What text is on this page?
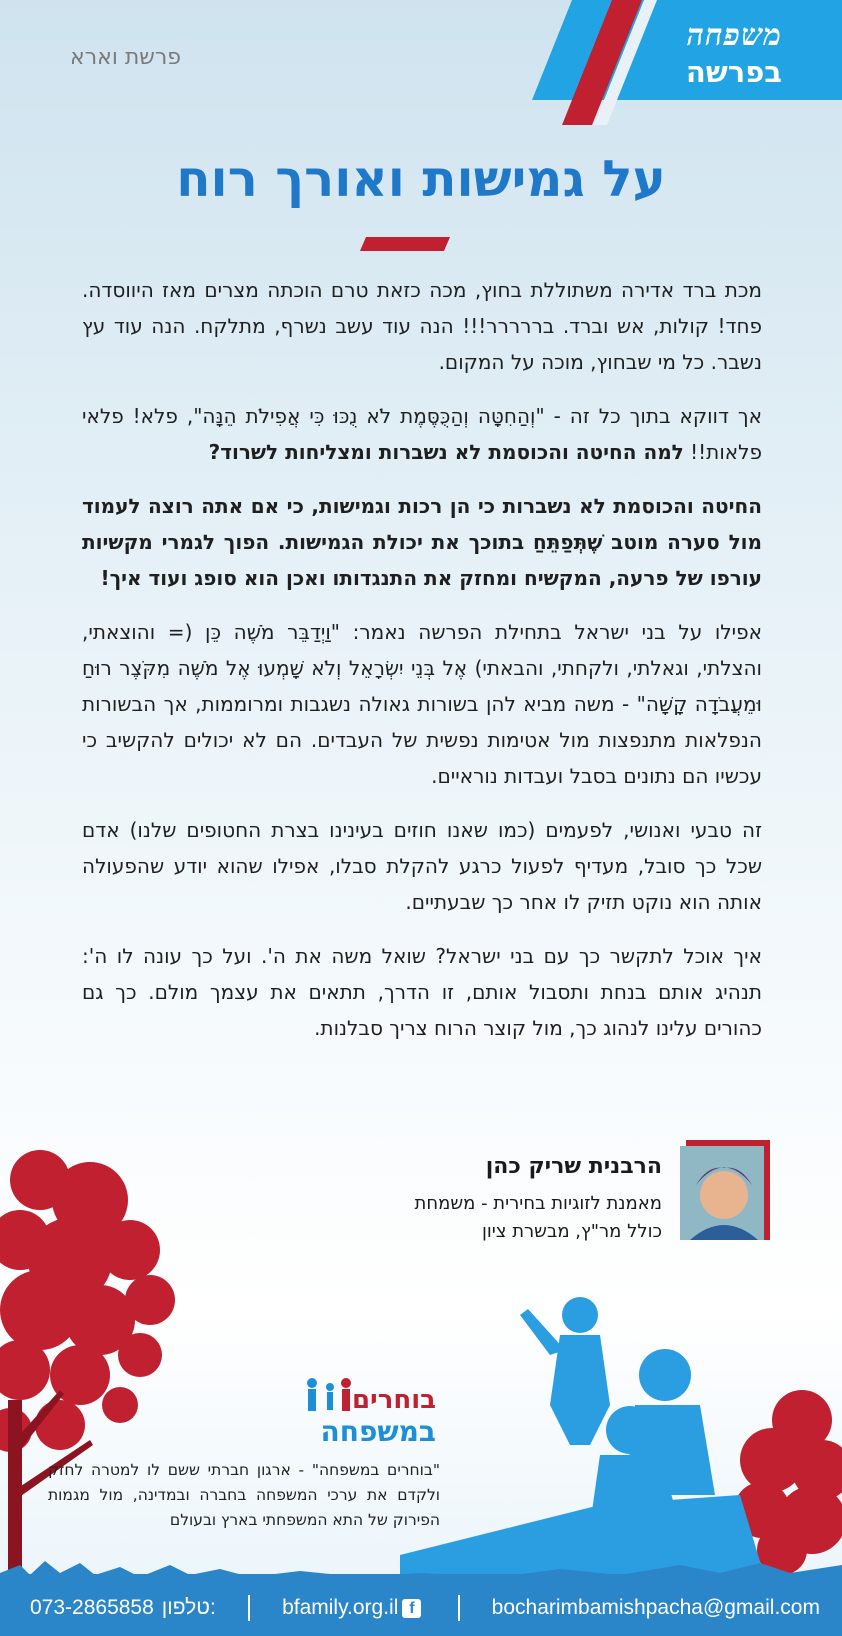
משפחה
בפרשה
פרשת וארא
על גמישות ואורך רוח

מכת ברד אדירה משתוללת בחוץ, מכה כזאת טרם הוכתה מצרים מאז היווסדה. פחד! קולות, אש וברד. בררררר!!! הנה עוד עשב נשרף, מתלקח. הנה עוד עץ נשבר. כל מי שבחוץ, מוכה על המקום.

אך דווקא בתוך כל זה - "וְהַחִטָּה וְהַכֻּסֶּמֶת לֹא נֻכּוּ כִּי אֲפִילֹת הֵנָּה", פלא! פלאי פלאות!! למה החיטה והכוסמת לא נשברות ומצליחות לשרוד?

החיטה והכוסמת לא נשברות כי הן רכות וגמישות, כי אם אתה רוצה לעמוד מול סערה מוטב שֶׁתְּפַתֵּחַ בתוכך את יכולת הגמישות. הפוך לגמרי מקשיות עורפו של פרעה, המקשיח ומחזק את התנגדותו ואכן הוא סופג ועוד איך!

אפילו על בני ישראל בתחילת הפרשה נאמר: "וַיְדַבֵּר מֹשֶׁה כֵּן (= והוצאתי, והצלתי, וגאלתי, ולקחתי, והבאתי) אֶל בְּנֵי יִשְׂרָאֵל וְלֹא שָׁמְעוּ אֶל מֹשֶׁה מִקֹּצֶר רוּחַ וּמֵעֲבֹדָה קָשָׁה" - משה מביא להן בשורות גאולה נשגבות ומרוממות, אך הבשורות הנפלאות מתנפצות מול אטימות נפשית של העבדים. הם לא יכולים להקשיב כי עכשיו הם נתונים בסבל ועבדות נוראיים.

זה טבעי ואנושי, לפעמים (כמו שאנו חוזים בעינינו בצרת החטופים שלנו) אדם שכל כך סובל, מעדיף לפעול כרגע להקלת סבלו, אפילו שהוא יודע שהפעולה אותה הוא נוקט תזיק לו אחר כך שבעתיים.

איך אוכל לתקשר כך עם בני ישראל? שואל משה את ה'. ועל כך עונה לו ה': תנהיג אותם בנחת ותסבול אותם, זו הדרך, תתאים את עצמך מולם. כך גם כהורים עלינו לנהוג כך, מול קוצר הרוח צריך סבלנות.

הרבנית שריק כהן
מאמנת לזוגיות בחירית - משמחת
כולל מר"ץ, מבשרת ציון
בוחרים
במשפחה
"בוחרים במשפחה" - ארגון חברתי ששם לו למטרה לחזק ולקדם את ערכי המשפחה בחברה ובמדינה, מול מגמות הפירוק של התא המשפחתי בארץ ובעולם
073-2865858 טלפון:	bfamily.org.il f	bocharimbamishpacha@gmail.com
